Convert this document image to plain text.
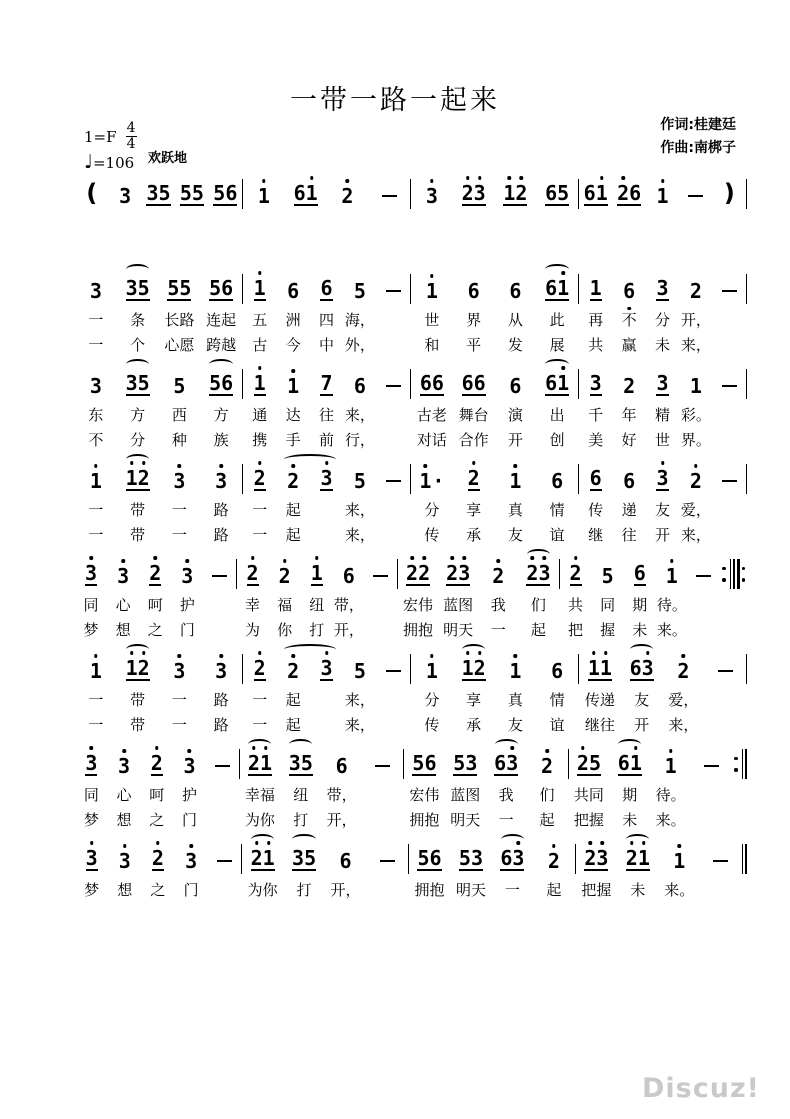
一带一路一起来
作词:桂建廷
作曲:南梆子
$1=F \frac{4}{4}$
♩ =106 欢跃地
( 3 3 5 5 5 5 6 1 6 1 2	3 2 3 1 2 6 5 6 1 2 6 1 )
3 3 5 5 5 5 6
一	条	长路 连起
一	个	心愿 跨越
1 6 6 5
五	洲	四 海，
古	今	中 外，
1 6 6 6 1
世	界	从	此
和	平	发	展
1 6 3 2
再	不	分 开，
共	赢	未 来，
3 3 5 5 5 6
东	方	西	方
不	分	种	族
1 1 7 6
通	达	往 来，
携	手	前 行，
6 6 6 6 6 6 1
古老 舞台	演	出
对话 合作	开	创
3 2 3 1
千	年	精 彩。
美	好	世 界。
1 1 2 3 3
一	带	一	路
一	带	一	路
2 2 3 5
一	起	来，
一	起	来，
1 · 2 1 6
分	享	真	情
传	承	友	谊
6 6 3 2
传	递	友 爱，
继	往	开 来，
3 3 2 3
同	心	呵	护
梦	想	之	门
2 2 1 6
幸	福	纽 带，
为	你	打 开，
2 2 2 3 2 2 3
宏伟 蓝图	我	们
拥抱 明天	一	起
2 5 6 1
共	同	期 待。
把	握	未 来。
1 1 2 3 3
一	带	一	路
一	带	一	路
2 2 3 5
一	起	来，
一	起	来，
1 1 2 1 6
分	享	真	情
传	承	友	谊
1 1 6 3 2
传递	友	爱，
继往	开	来，
3 3 2 3
同	心	呵	护
梦	想	之	门
2 1 3 5 6
幸福	纽	带，
为你	打	开，
5 6 5 3 6 3 2
宏伟 蓝图	我	们
拥抱 明天	一	起
2 5 6 1 1
共同	期	待。
把握	未	来。
3 3 2 3
梦	想	之	门
2 1 3 5 6
为你	打	开，
5 6 5 3 6 3 2
拥抱 明天	一	起
2 3 2 1 1
把握	未	来。
Discuz!
